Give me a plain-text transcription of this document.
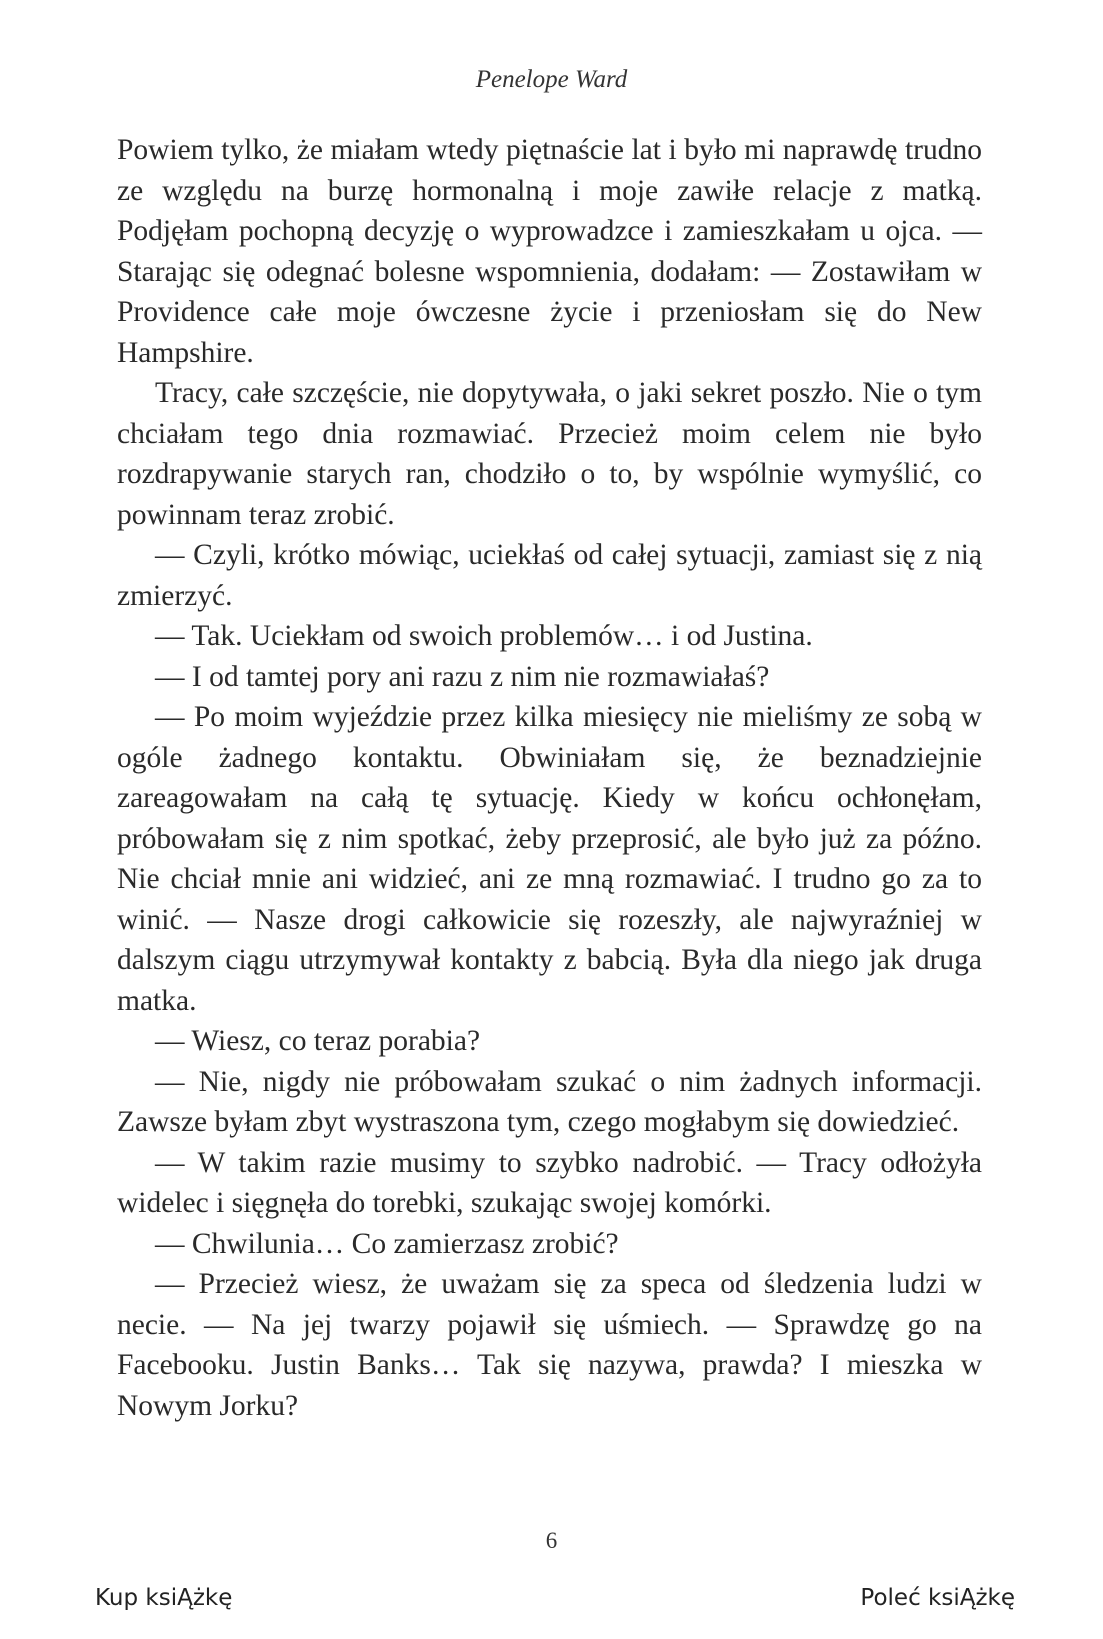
Penelope Ward

Powiem tylko, że miałam wtedy piętnaście lat i było mi naprawdę trudno ze względu na burzę hormonalną i moje zawiłe relacje z matką. Podjęłam pochopną decyzję o wyprowadzce i zamieszkałam u ojca. — Starając się odegnać bolesne wspomnienia, dodałam: — Zostawiłam w Providence całe moje ówczesne życie i przeniosłam się do New Hampshire.

Tracy, całe szczęście, nie dopytywała, o jaki sekret poszło. Nie o tym chciałam tego dnia rozmawiać. Przecież moim celem nie było rozdrapywanie starych ran, chodziło o to, by wspólnie wymyślić, co powinnam teraz zrobić.

— Czyli, krótko mówiąc, uciekłaś od całej sytuacji, zamiast się z nią zmierzyć.

— Tak. Uciekłam od swoich problemów… i od Justina.

— I od tamtej pory ani razu z nim nie rozmawiałaś?

— Po moim wyjeździe przez kilka miesięcy nie mieliśmy ze sobą w ogóle żadnego kontaktu. Obwiniałam się, że beznadziejnie zareagowałam na całą tę sytuację. Kiedy w końcu ochłonęłam, próbowałam się z nim spotkać, żeby przeprosić, ale było już za późno. Nie chciał mnie ani widzieć, ani ze mną rozmawiać. I trudno go za to winić. — Nasze drogi całkowicie się rozeszły, ale najwyraźniej w dalszym ciągu utrzymywał kontakty z babcią. Była dla niego jak druga matka.

— Wiesz, co teraz porabia?

— Nie, nigdy nie próbowałam szukać o nim żadnych informacji. Zawsze byłam zbyt wystraszona tym, czego mogłabym się dowiedzieć.

— W takim razie musimy to szybko nadrobić. — Tracy odłożyła widelec i sięgnęła do torebki, szukając swojej komórki.

— Chwilunia… Co zamierzasz zrobić?

— Przecież wiesz, że uważam się za speca od śledzenia ludzi w necie. — Na jej twarzy pojawił się uśmiech. — Sprawdzę go na Facebooku. Justin Banks… Tak się nazywa, prawda? I mieszka w Nowym Jorku?

6
Kup ksiĄżkę	Poleć ksiĄżkę
